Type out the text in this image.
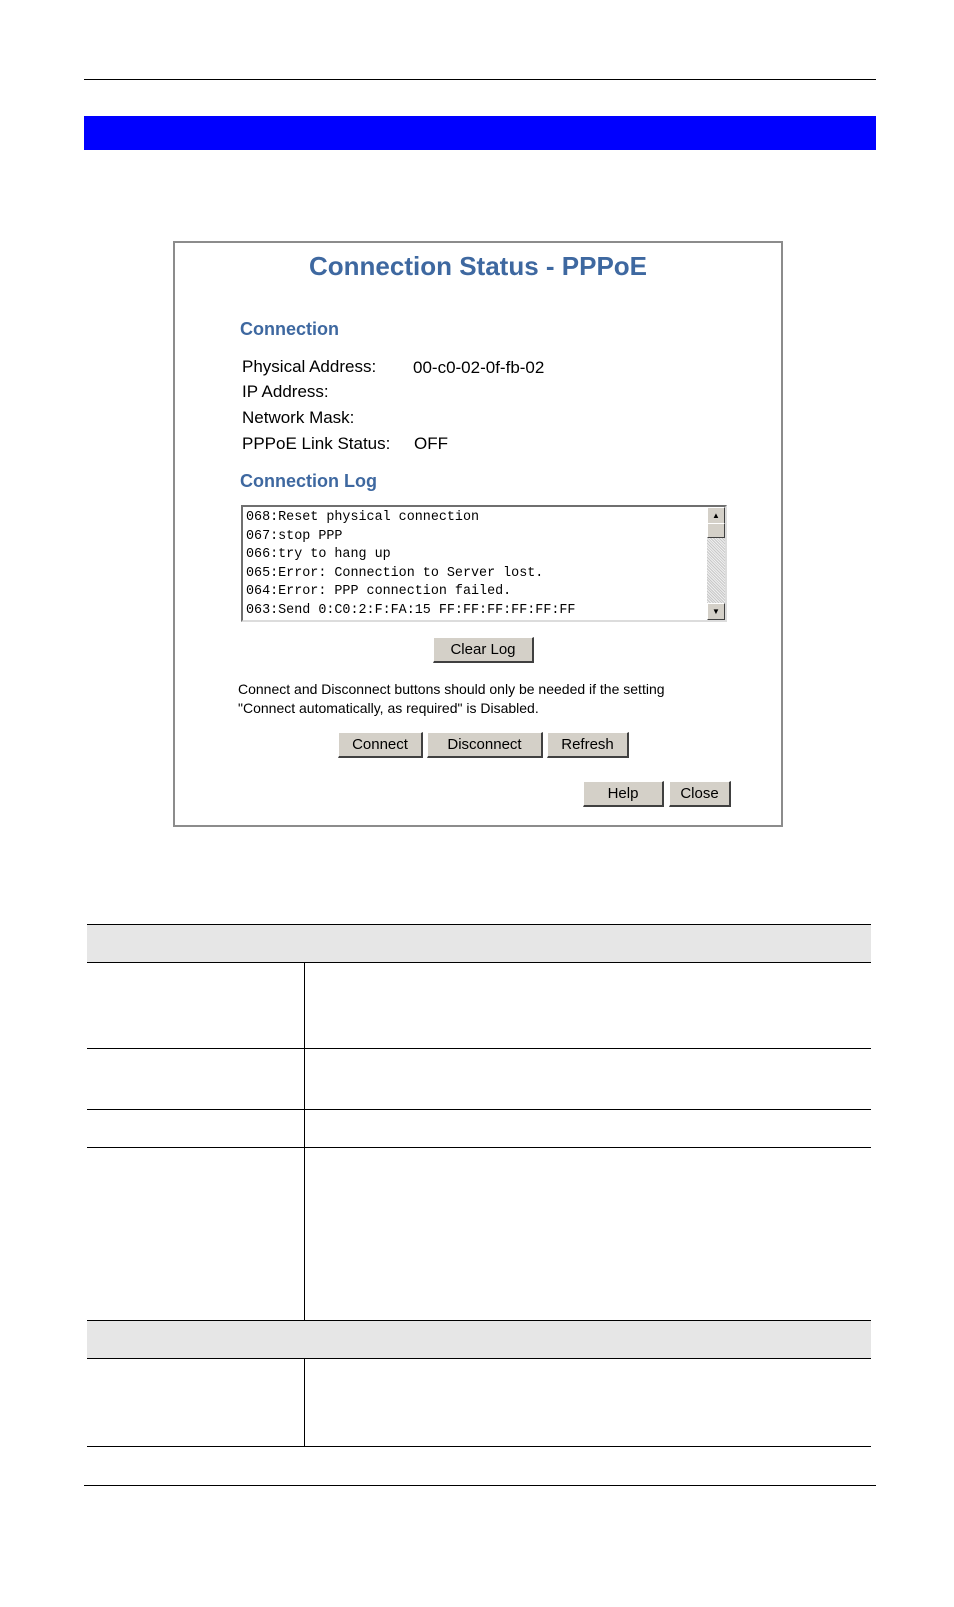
Connection Status - PPPoE
Connection
Physical Address: 00-c0-02-0f-fb-02
IP Address:
Network Mask:
PPPoE Link Status: OFF
Connection Log
068:Reset physical connection
067:stop PPP
066:try to hang up
065:Error: Connection to Server lost.
064:Error: PPP connection failed.
063:Send 0:C0:2:F:FA:15 FF:FF:FF:FF:FF:FF
▲
▼
Clear Log
Connect and Disconnect buttons should only be needed if the setting
"Connect automatically, as required" is Disabled.
Connect	Disconnect	Refresh
Help	Close
